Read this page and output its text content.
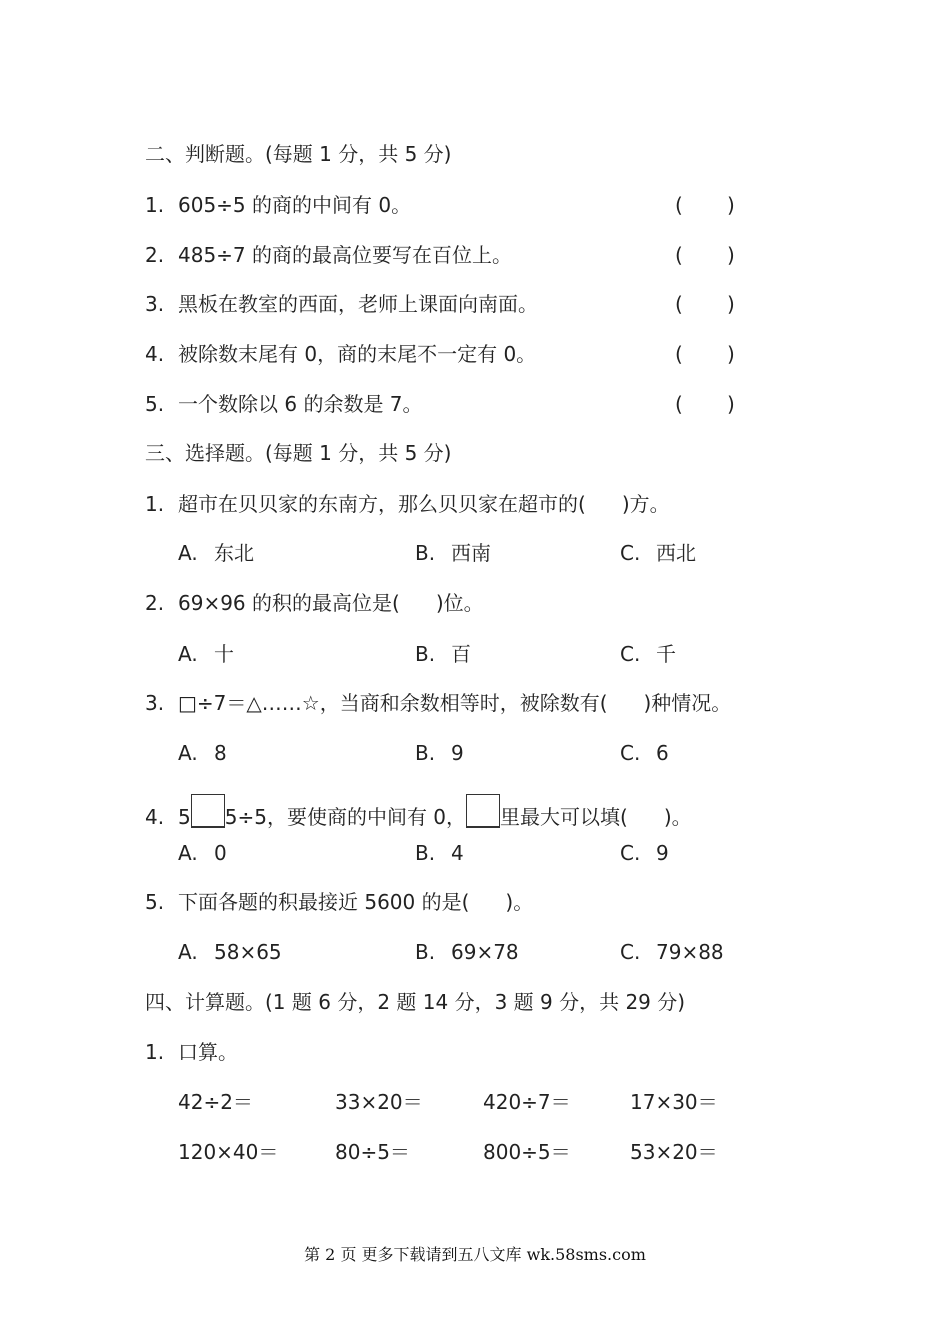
二、判断题。(每题 1 分，共 5 分)
1. 605÷5 的商的中间有 0。	( )
2. 485÷7 的商的最高位要写在百位上。	( )
3. 黑板在教室的西面，老师上课面向南面。	( )
4. 被除数末尾有 0，商的末尾不一定有 0。	( )
5. 一个数除以 6 的余数是 7。	( )
三、选择题。(每题 1 分，共 5 分)
1. 超市在贝贝家的东南方，那么贝贝家在超市的( )方。
A. 东北	B. 西南	C. 西北
2. 69×96 的积的最高位是( )位。
A. 十	B. 百	C. 千
3. □÷7＝△……☆，当商和余数相等时，被除数有( )种情况。
A. 8	B. 9	C. 6
4. 5 5÷5，要使商的中间有 0， 里最大可以填( )。
A. 0	B. 4	C. 9
5. 下面各题的积最接近 5600 的是( )。
A. 58×65	B. 69×78	C. 79×88
四、计算题。(1 题 6 分，2 题 14 分，3 题 9 分，共 29 分)
1. 口算。
42÷2＝	33×20＝	420÷7＝	17×30＝
120×40＝	80÷5＝	800÷5＝	53×20＝
第 2 页 更多下载请到五八文库 wk.58sms.com
